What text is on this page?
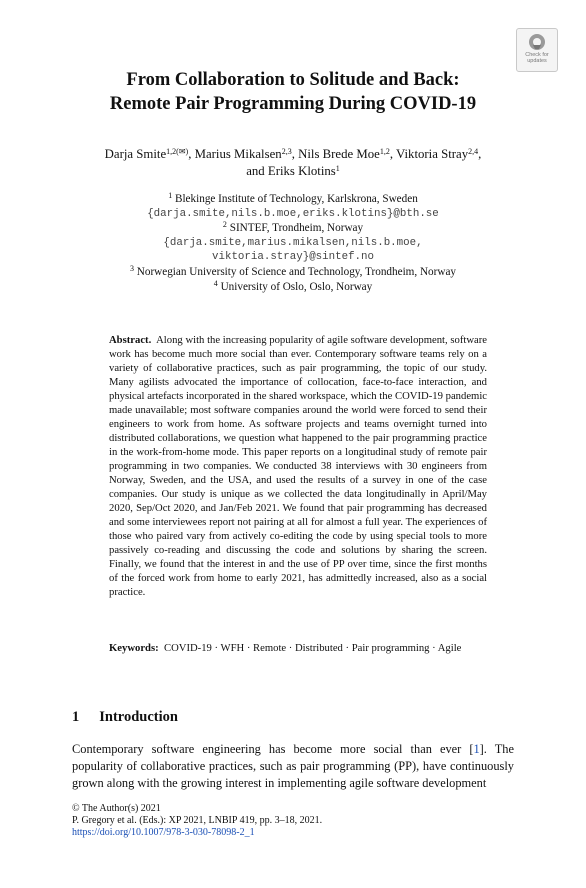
Check for
updates
From Collaboration to Solitude and Back:
Remote Pair Programming During COVID-19
Darja Smite$^{1,2(✉)}$, Marius Mikalsen$^{2,3}$, Nils Brede Moe$^{1,2}$, Viktoria Stray$^{2,4}$,
and Eriks Klotins$^1$
$^1$ Blekinge Institute of Technology, Karlskrona, Sweden
{darja.smite,nils.b.moe,eriks.klotins}@bth.se
$^2$ SINTEF, Trondheim, Norway
{darja.smite,marius.mikalsen,nils.b.moe,
viktoria.stray}@sintef.no
$^3$ Norwegian University of Science and Technology, Trondheim, Norway
$^4$ University of Oslo, Oslo, Norway
Abstract. Along with the increasing popularity of agile software development, software work has become much more social than ever. Contemporary software teams rely on a variety of collaborative practices, such as pair programming, the topic of our study. Many agilists advocated the importance of collocation, face-to-face interaction, and physical artefacts incorporated in the shared workspace, which the COVID-19 pandemic made unavailable; most software companies around the world were forced to send their engineers to work from home. As software projects and teams overnight turned into distributed collaborations, we question what happened to the pair programming practice in the work-from-home mode. This paper reports on a longitudinal study of remote pair programming in two companies. We conducted 38 interviews with 30 engineers from Norway, Sweden, and the USA, and used the results of a survey in one of the case companies. Our study is unique as we collected the data longitudinally in April/May 2020, Sep/Oct 2020, and Jan/Feb 2021. We found that pair programming has decreased and some interviewees report not pairing at all for almost a full year. The experiences of those who paired vary from actively co-editing the code by using special tools to more passively co-reading and discussing the code and solutions by sharing the screen. Finally, we found that the interest in and the use of PP over time, since the first months of the forced work from home to early 2021, has admittedly increased, also as a social practice.
Keywords: COVID-19 · WFH · Remote · Distributed · Pair programming · Agile
1 Introduction
Contemporary software engineering has become more social than ever [1]. The popularity of collaborative practices, such as pair programming (PP), have continuously grown along with the growing interest in implementing agile software development
© The Author(s) 2021
P. Gregory et al. (Eds.): XP 2021, LNBIP 419, pp. 3–18, 2021.
https://doi.org/10.1007/978-3-030-78098-2_1
